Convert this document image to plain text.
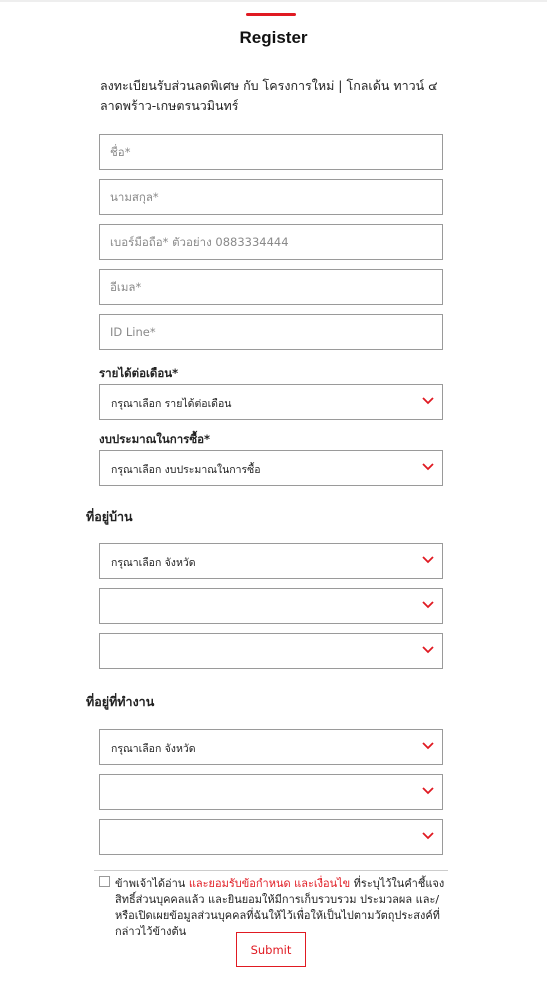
Register
ลงทะเบียนรับส่วนลดพิเศษ กับ โครงการใหม่ | โกลเด้น ทาวน์ ๔ ลาดพร้าว-เกษตรนวมินทร์
ชื่อ*
นามสกุล*
เบอร์มือถือ* ตัวอย่าง 0883334444
อีเมล*
ID Line*
รายได้ต่อเดือน*
กรุณาเลือก รายได้ต่อเดือน
งบประมาณในการซื้อ*
กรุณาเลือก งบประมาณในการซื้อ
ที่อยู่บ้าน
กรุณาเลือก จังหวัด
ที่อยู่ที่ทำงาน
กรุณาเลือก จังหวัด
ข้าพเจ้าได้อ่าน และยอมรับข้อกำหนด และเงื่อนไข ที่ระบุไว้ในคำชี้แจงสิทธิ์ส่วนบุคคลแล้ว และยินยอมให้มีการเก็บรวบรวม ประมวลผล และ/หรือเปิดเผยข้อมูลส่วนบุคคลที่ฉันให้ไว้เพื่อให้เป็นไปตามวัตถุประสงค์ที่กล่าวไว้ข้างต้น
Submit
